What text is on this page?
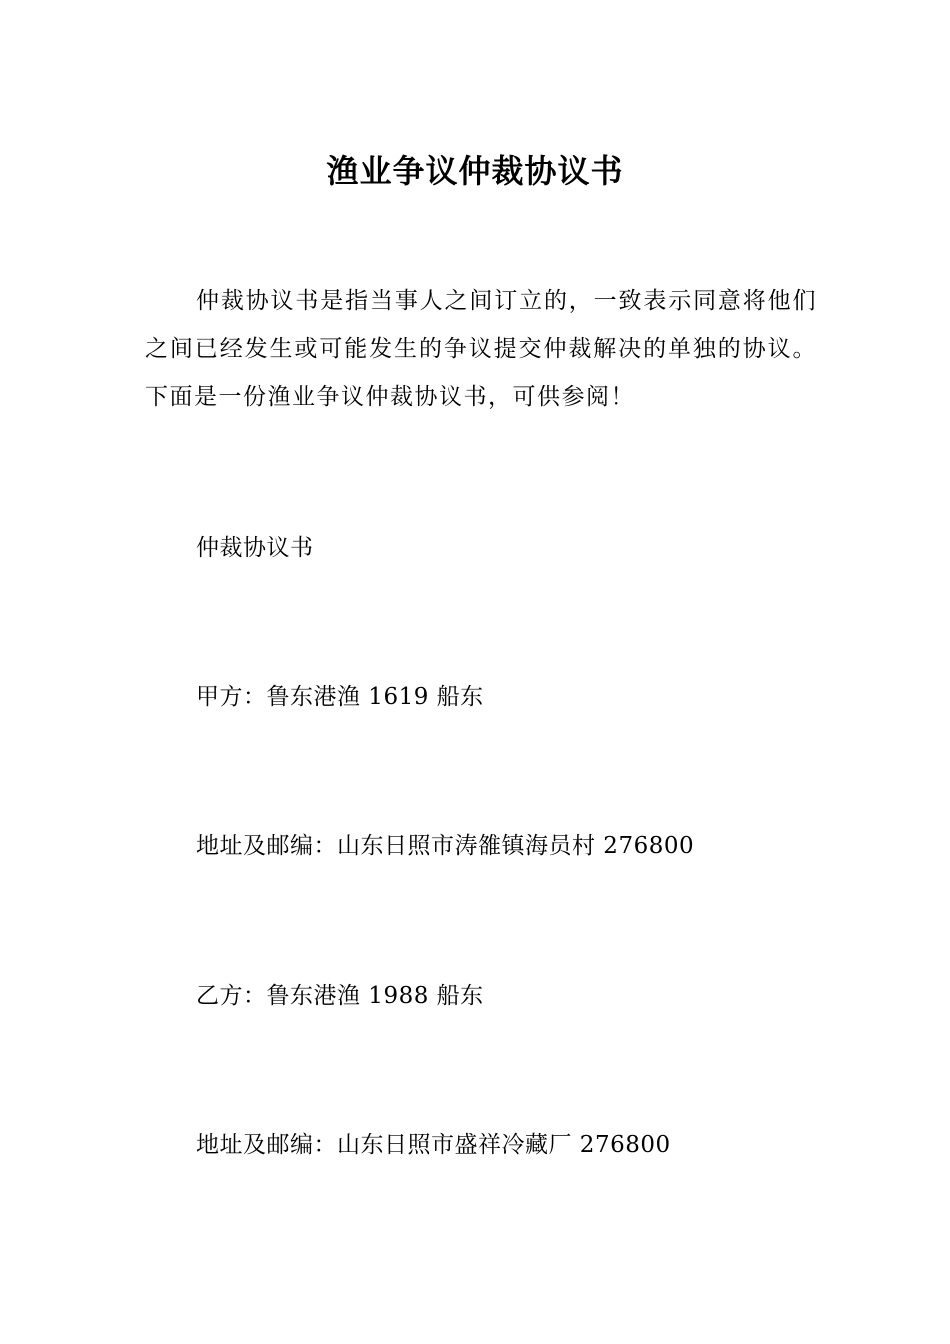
渔业争议仲裁协议书

仲裁协议书是指当事人之间订立的，一致表示同意将他们之间已经发生或可能发生的争议提交仲裁解决的单独的协议。下面是一份渔业争议仲裁协议书，可供参阅！

仲裁协议书

甲方：鲁东港渔 1619 船东

地址及邮编：山东日照市涛雒镇海员村 276800

乙方：鲁东港渔 1988 船东

地址及邮编：山东日照市盛祥冷藏厂 276800
